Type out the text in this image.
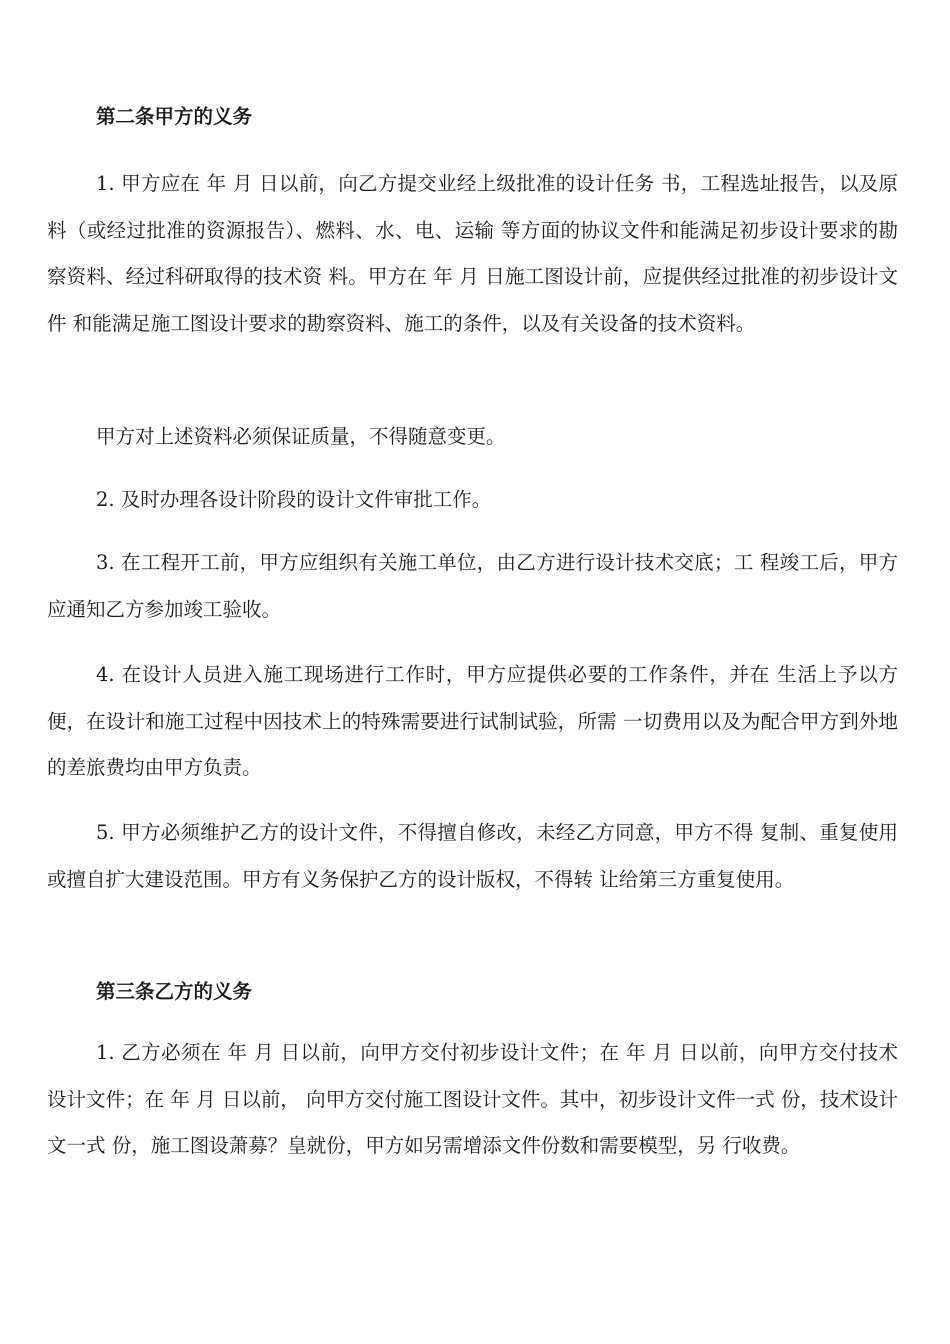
第二条甲方的义务

1. 甲方应在 年 月 日以前，向乙方提交业经上级批准的设计任务 书，工程选址报告，以及原料（或经过批准的资源报告）、燃料、水、电、运输 等方面的协议文件和能满足初步设计要求的勘察资料、经过科研取得的技术资 料。甲方在 年 月 日施工图设计前，应提供经过批准的初步设计文件 和能满足施工图设计要求的勘察资料、施工的条件，以及有关设备的技术资料。

甲方对上述资料必须保证质量，不得随意变更。

2. 及时办理各设计阶段的设计文件审批工作。

3. 在工程开工前，甲方应组织有关施工单位，由乙方进行设计技术交底；工 程竣工后，甲方应通知乙方参加竣工验收。

4. 在设计人员进入施工现场进行工作时，甲方应提供必要的工作条件，并在 生活上予以方便，在设计和施工过程中因技术上的特殊需要进行试制试验，所需 一切费用以及为配合甲方到外地的差旅费均由甲方负责。

5. 甲方必须维护乙方的设计文件，不得擅自修改，未经乙方同意，甲方不得 复制、重复使用或擅自扩大建设范围。甲方有义务保护乙方的设计版权，不得转 让给第三方重复使用。

第三条乙方的义务

1. 乙方必须在 年 月 日以前，向甲方交付初步设计文件；在 年 月 日以前，向甲方交付技术设计文件；在 年 月 日以前， 向甲方交付施工图设计文件。其中，初步设计文件一式 份，技术设计文一式 份，施工图设萧募？皇就份，甲方如另需增添文件份数和需要模型，另 行收费。
